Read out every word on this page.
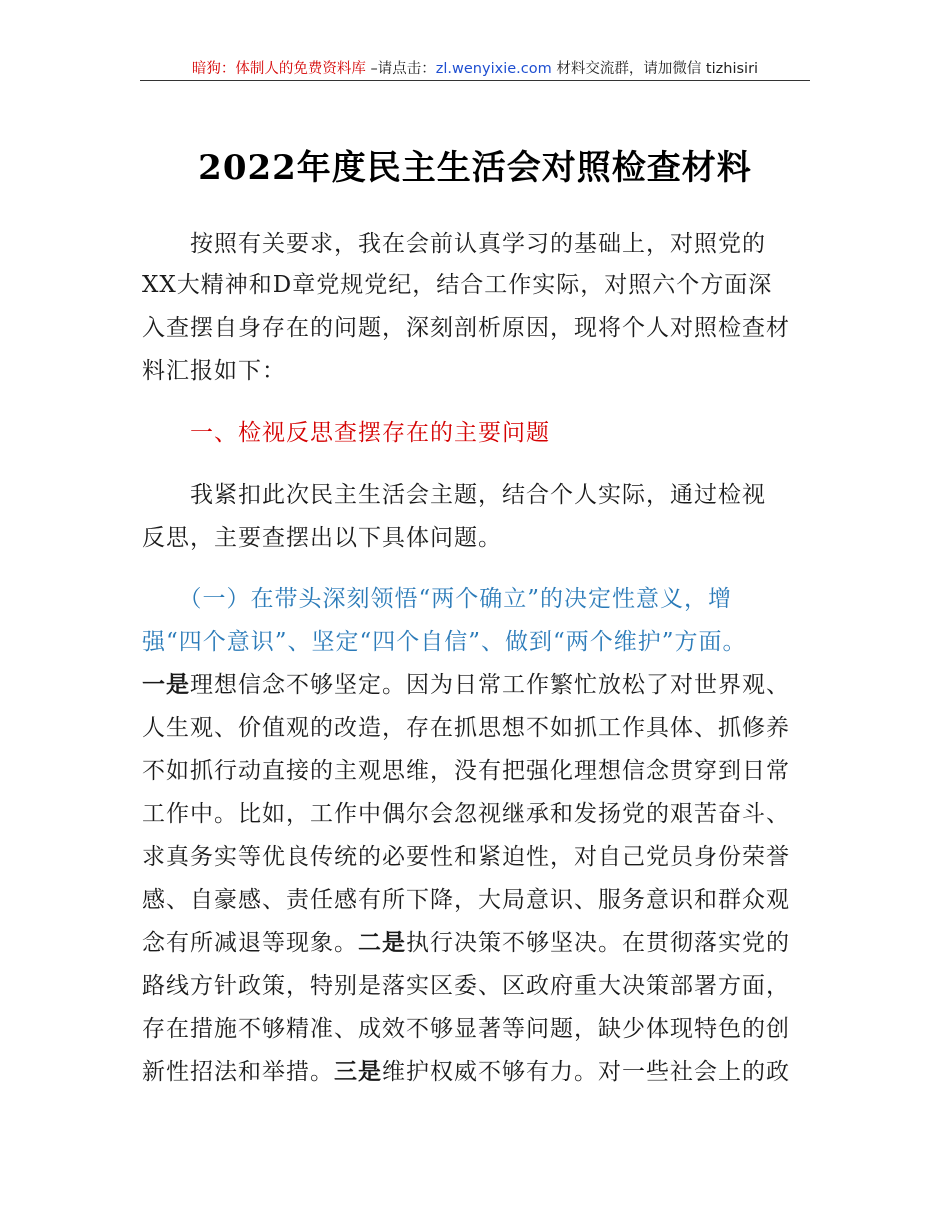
暗狗：体制人的免费资料库 –请点击：zl.wenyixie.com 材料交流群，请加微信 tizhisiri
2022年度民主生活会对照检查材料
　　按照有关要求，我在会前认真学习的基础上，对照党的
XX大精神和D章党规党纪，结合工作实际，对照六个方面深
入查摆自身存在的问题，深刻剖析原因，现将个人对照检查材
料汇报如下：
　　一、检视反思查摆存在的主要问题
　　我紧扣此次民主生活会主题，结合个人实际，通过检视
反思，主要查摆出以下具体问题。
　　（一）在带头深刻领悟“两个确立”的决定性意义，增
强“四个意识”、坚定“四个自信”、做到“两个维护”方面。
一是理想信念不够坚定。因为日常工作繁忙放松了对世界观、
人生观、价值观的改造，存在抓思想不如抓工作具体、抓修养
不如抓行动直接的主观思维，没有把强化理想信念贯穿到日常
工作中。比如，工作中偶尔会忽视继承和发扬党的艰苦奋斗、
求真务实等优良传统的必要性和紧迫性，对自己党员身份荣誉
感、自豪感、责任感有所下降，大局意识、服务意识和群众观
念有所减退等现象。二是执行决策不够坚决。在贯彻落实党的
路线方针政策，特别是落实区委、区政府重大决策部署方面，
存在措施不够精准、成效不够显著等问题，缺少体现特色的创
新性招法和举措。三是维护权威不够有力。对一些社会上的政
